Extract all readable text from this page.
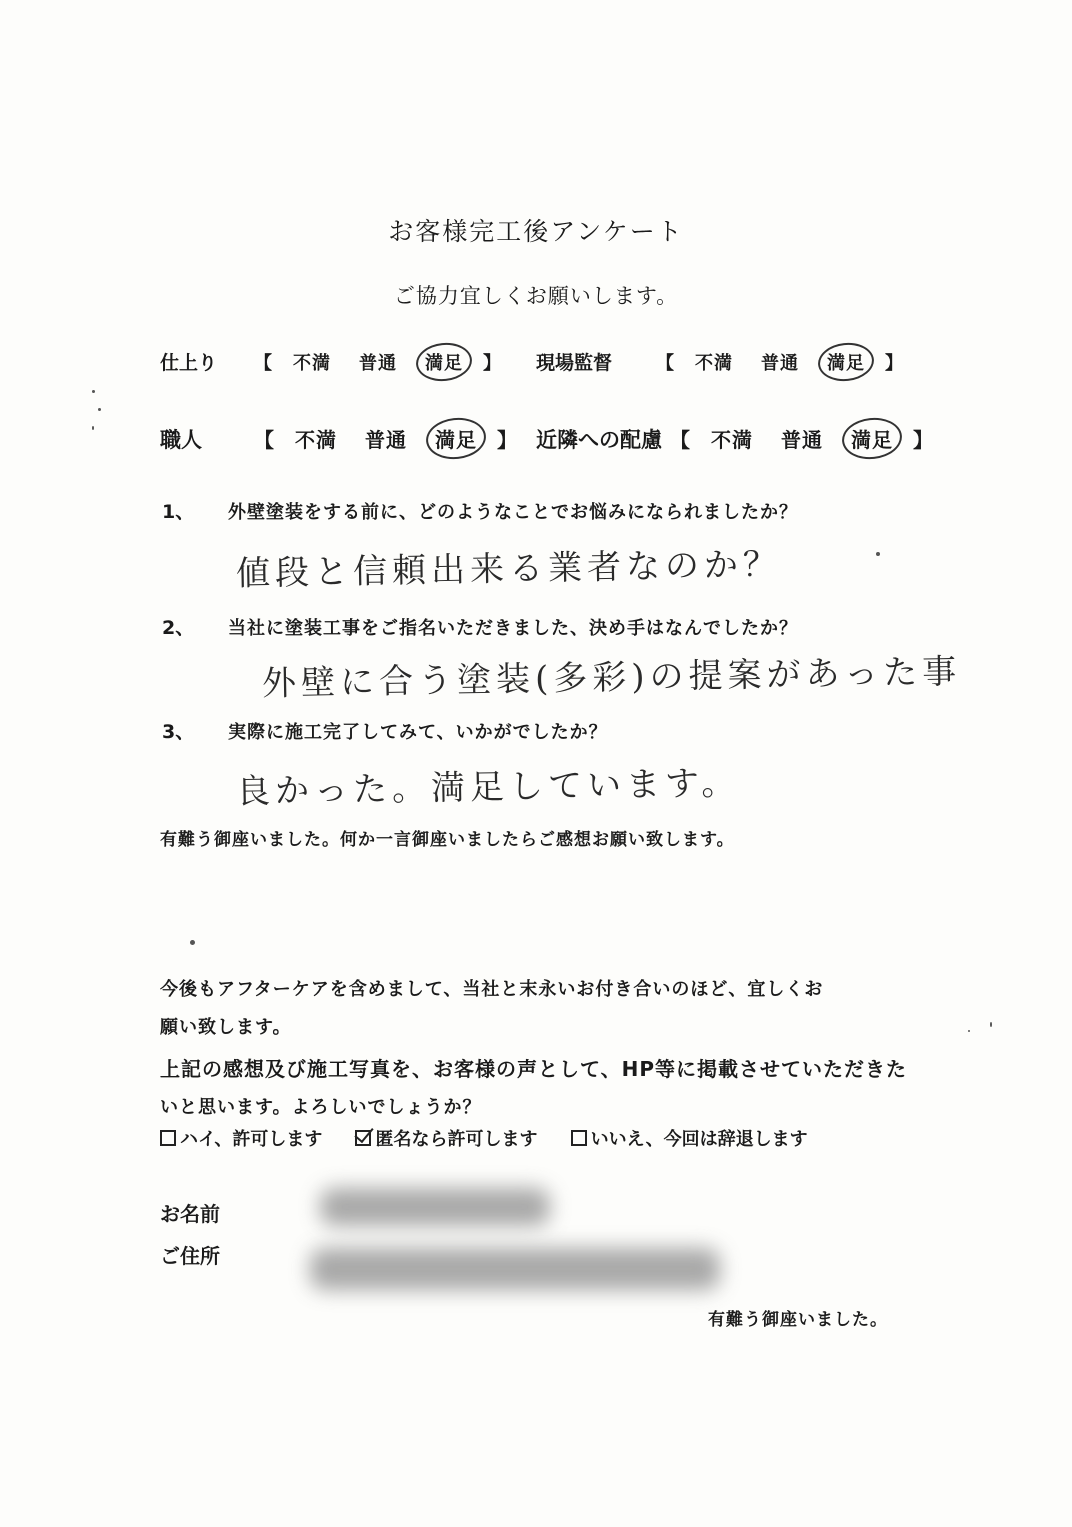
お客様完工後アンケート
ご協力宜しくお願いします。
仕上り	【 不満 普通 満足 】	現場監督	【 不満 普通 満足 】
職人	【 不満 普通 満足 】 近隣への配慮 【 不満 普通 満足 】
1、 外壁塗装をする前に、どのようなことでお悩みになられましたか？
値段と信頼出来る業者なのか？
2、 当社に塗装工事をご指名いただきました、決め手はなんでしたか？
外壁に合う塗装(多彩)の提案があった事
3、 実際に施工完了してみて、いかがでしたか？
良かった。満足しています。
有難う御座いました。何か一言御座いましたらご感想お願い致します。
今後もアフターケアを含めまして、当社と末永いお付き合いのほど、宜しくお
願い致します。
上記の感想及び施工写真を、お客様の声として、HP等に掲載させていただきた
いと思います。よろしいでしょうか？
ハイ、許可します
	匿名なら許可します
	いいえ、今回は辞退します
お名前
ご住所
有難う御座いました。
